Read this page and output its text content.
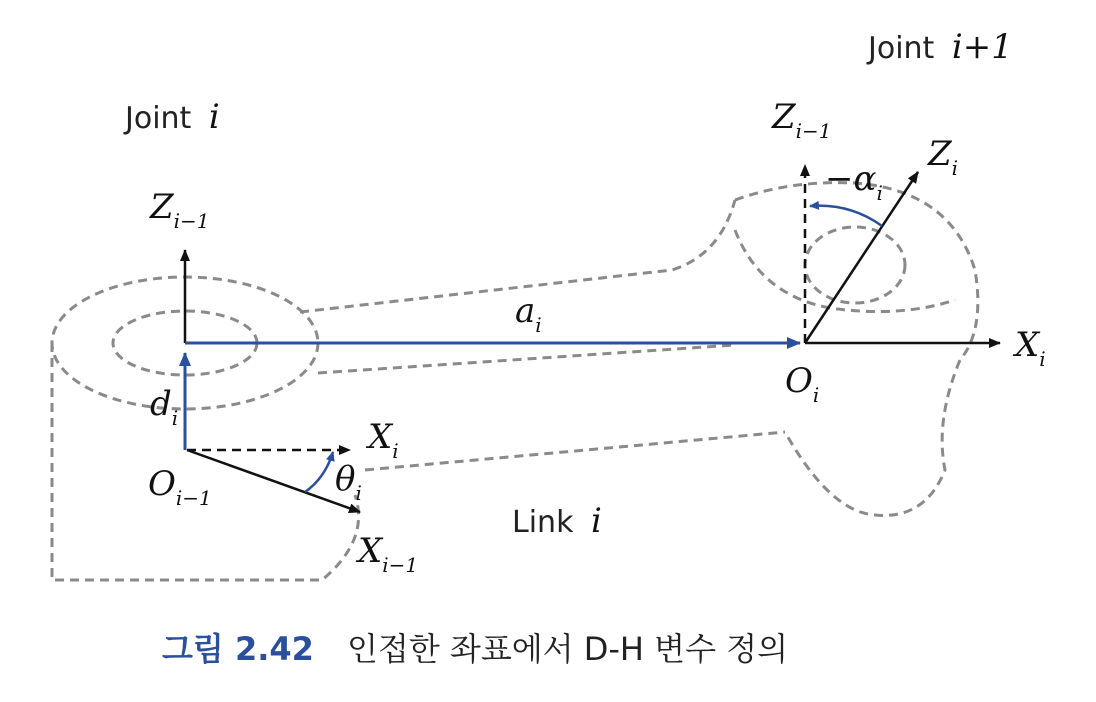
Joint i
Joint i+1
Link i
Zi−1
Zi−1
Zi
Xi
Xi
Xi−1
Oi
Oi−1
ai
di
θi
−αi
그림 2.42 인접한 좌표에서 D-H 변수 정의
